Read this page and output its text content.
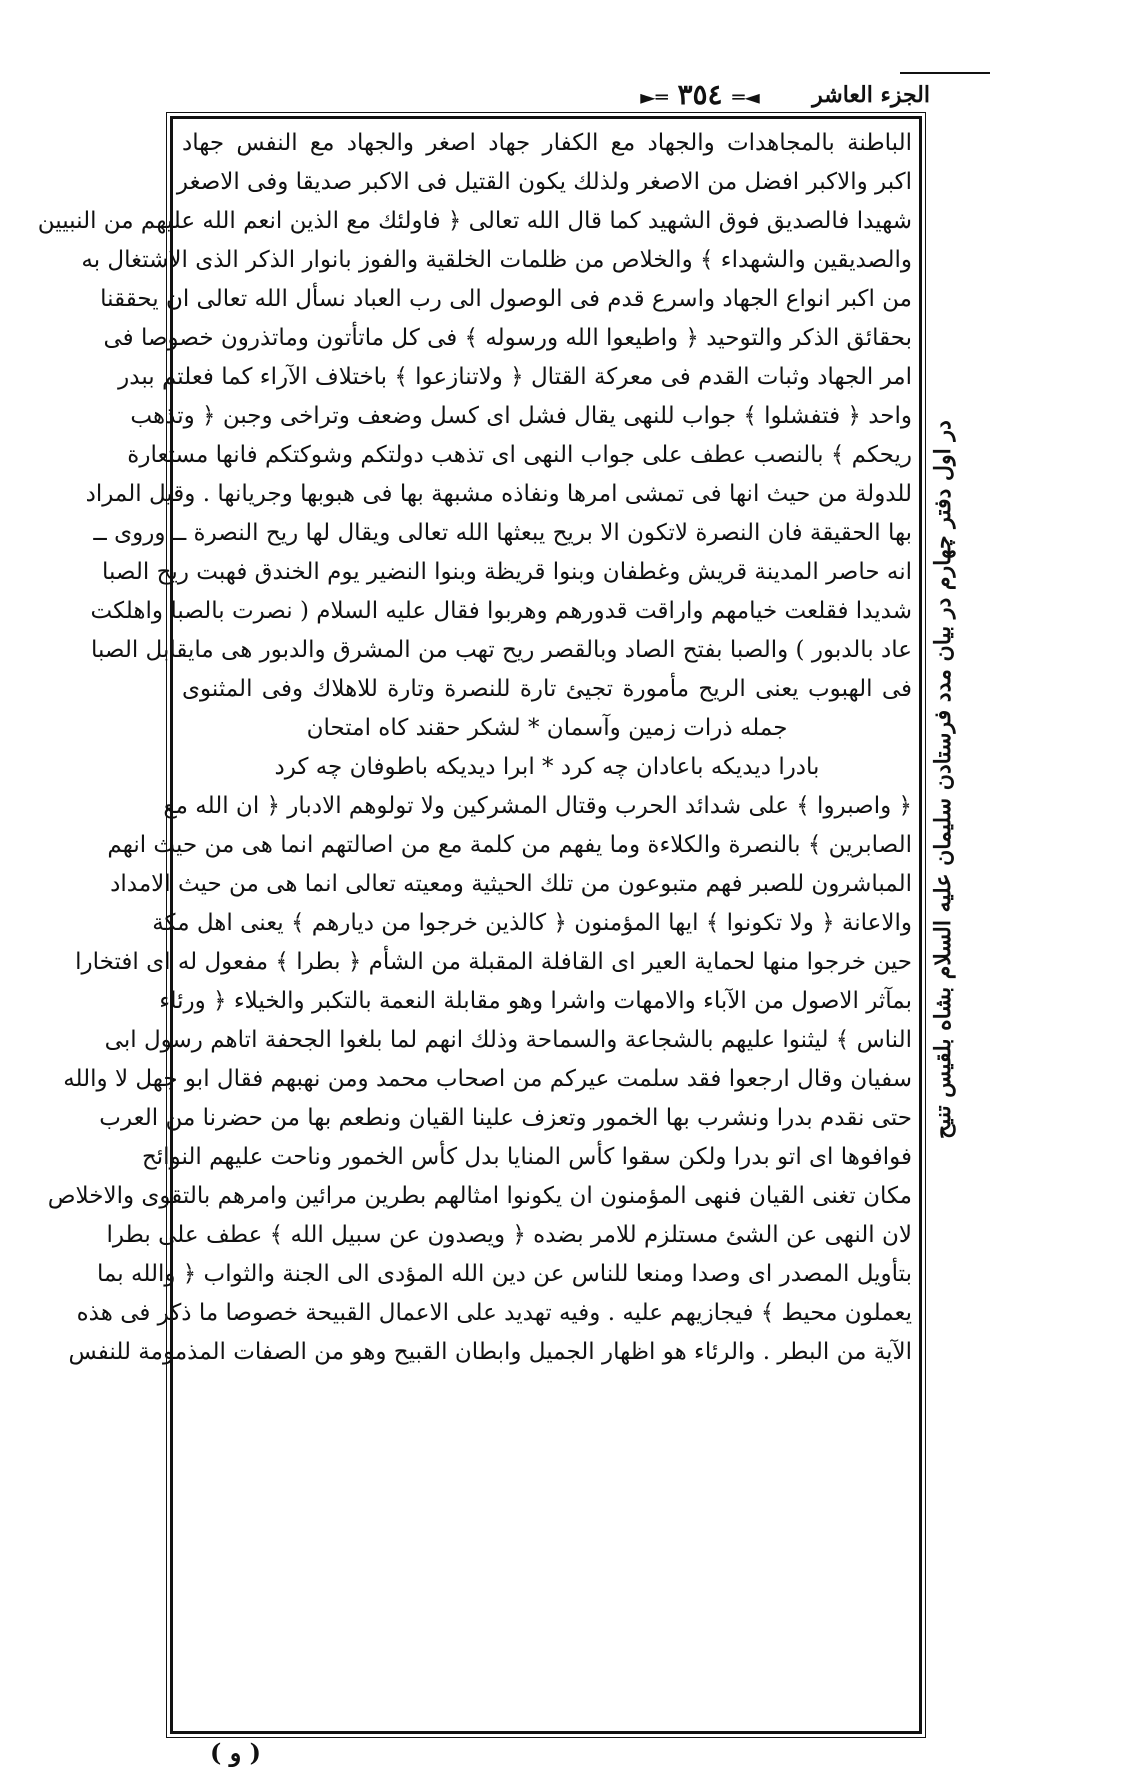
◄═ ٣٥٤ ═►	الجزء العاشر
الباطنة بالمجاهدات والجهاد مع الكفار جهاد اصغر والجهاد مع النفس جهاد
اكبر والاكبر افضل من الاصغر ولذلك يكون القتيل فى الاكبر صديقا وفى الاصغر
شهيدا فالصديق فوق الشهيد كما قال الله تعالى ﴿ فاولئك مع الذين انعم الله عليهم من النبيين
والصديقين والشهداء ﴾ والخلاص من ظلمات الخلقية والفوز بانوار الذكر الذى الاشتغال به
من اكبر انواع الجهاد واسرع قدم فى الوصول الى رب العباد نسأل الله تعالى ان يحققنا
بحقائق الذكر والتوحيد ﴿ واطيعوا الله ورسوله ﴾ فى كل ماتأتون وماتذرون خصوصا فى
امر الجهاد وثبات القدم فى معركة القتال ﴿ ولاتنازعوا ﴾ باختلاف الآراء كما فعلتم ببدر
واحد ﴿ فتفشلوا ﴾ جواب للنهى يقال فشل اى كسل وضعف وتراخى وجبن ﴿ وتذهب
ريحكم ﴾ بالنصب عطف على جواب النهى اى تذهب دولتكم وشوكتكم فانها مستعارة
للدولة من حيث انها فى تمشى امرها ونفاذه مشبهة بها فى هبوبها وجريانها . وقيل المراد
بها الحقيقة فان النصرة لاتكون الا بريح يبعثها الله تعالى ويقال لها ريح النصرة ــ وروى ــ
انه حاصر المدينة قريش وغطفان وبنوا قريظة وبنوا النضير يوم الخندق فهبت ريح الصبا
شديدا فقلعت خيامهم واراقت قدورهم وهربوا فقال عليه السلام ( نصرت بالصبا واهلكت
عاد بالدبور ) والصبا بفتح الصاد وبالقصر ريح تهب من المشرق والدبور هى مايقابل الصبا
فى الهبوب يعنى الريح مأمورة تجيئ تارة للنصرة وتارة للاهلاك وفى المثنوى
جمله ذرات زمين وآسمان * لشكر حقند كاه امتحان
بادرا ديديكه باعادان چه كرد * ابرا ديديكه باطوفان چه كرد
﴿ واصبروا ﴾ على شدائد الحرب وقتال المشركين ولا تولوهم الادبار ﴿ ان الله مع
الصابرين ﴾ بالنصرة والكلاءة وما يفهم من كلمة مع من اصالتهم انما هى من حيث انهم
المباشرون للصبر فهم متبوعون من تلك الحيثية ومعيته تعالى انما هى من حيث الامداد
والاعانة ﴿ ولا تكونوا ﴾ ايها المؤمنون ﴿ كالذين خرجوا من ديارهم ﴾ يعنى اهل مكة
حين خرجوا منها لحماية العير اى القافلة المقبلة من الشأم ﴿ بطرا ﴾ مفعول له اى افتخارا
بمآثر الاصول من الآباء والامهات واشرا وهو مقابلة النعمة بالتكبر والخيلاء ﴿ ورئاء
الناس ﴾ ليثنوا عليهم بالشجاعة والسماحة وذلك انهم لما بلغوا الجحفة اتاهم رسول ابى
سفيان وقال ارجعوا فقد سلمت عيركم من اصحاب محمد ومن نهبهم فقال ابو جهل لا والله
حتى نقدم بدرا ونشرب بها الخمور وتعزف علينا القيان ونطعم بها من حضرنا من العرب
فوافوها اى اتو بدرا ولكن سقوا كأس المنايا بدل كأس الخمور وناحت عليهم النوائح
مكان تغنى القيان فنهى المؤمنون ان يكونوا امثالهم بطرين مرائين وامرهم بالتقوى والاخلاص
لان النهى عن الشئ مستلزم للامر بضده ﴿ ويصدون عن سبيل الله ﴾ عطف على بطرا
بتأويل المصدر اى وصدا ومنعا للناس عن دين الله المؤدى الى الجنة والثواب ﴿ والله بما
يعملون محيط ﴾ فيجازيهم عليه . وفيه تهديد على الاعمال القبيحة خصوصا ما ذكر فى هذه
الآية من البطر . والرئاء هو اظهار الجميل وابطان القبيح وهو من الصفات المذمومة للنفس
در اول دفتر چهارم در بيان مدد فرستادن سليمان عليه السلام بشاه بلقيس تنيح
( و )
